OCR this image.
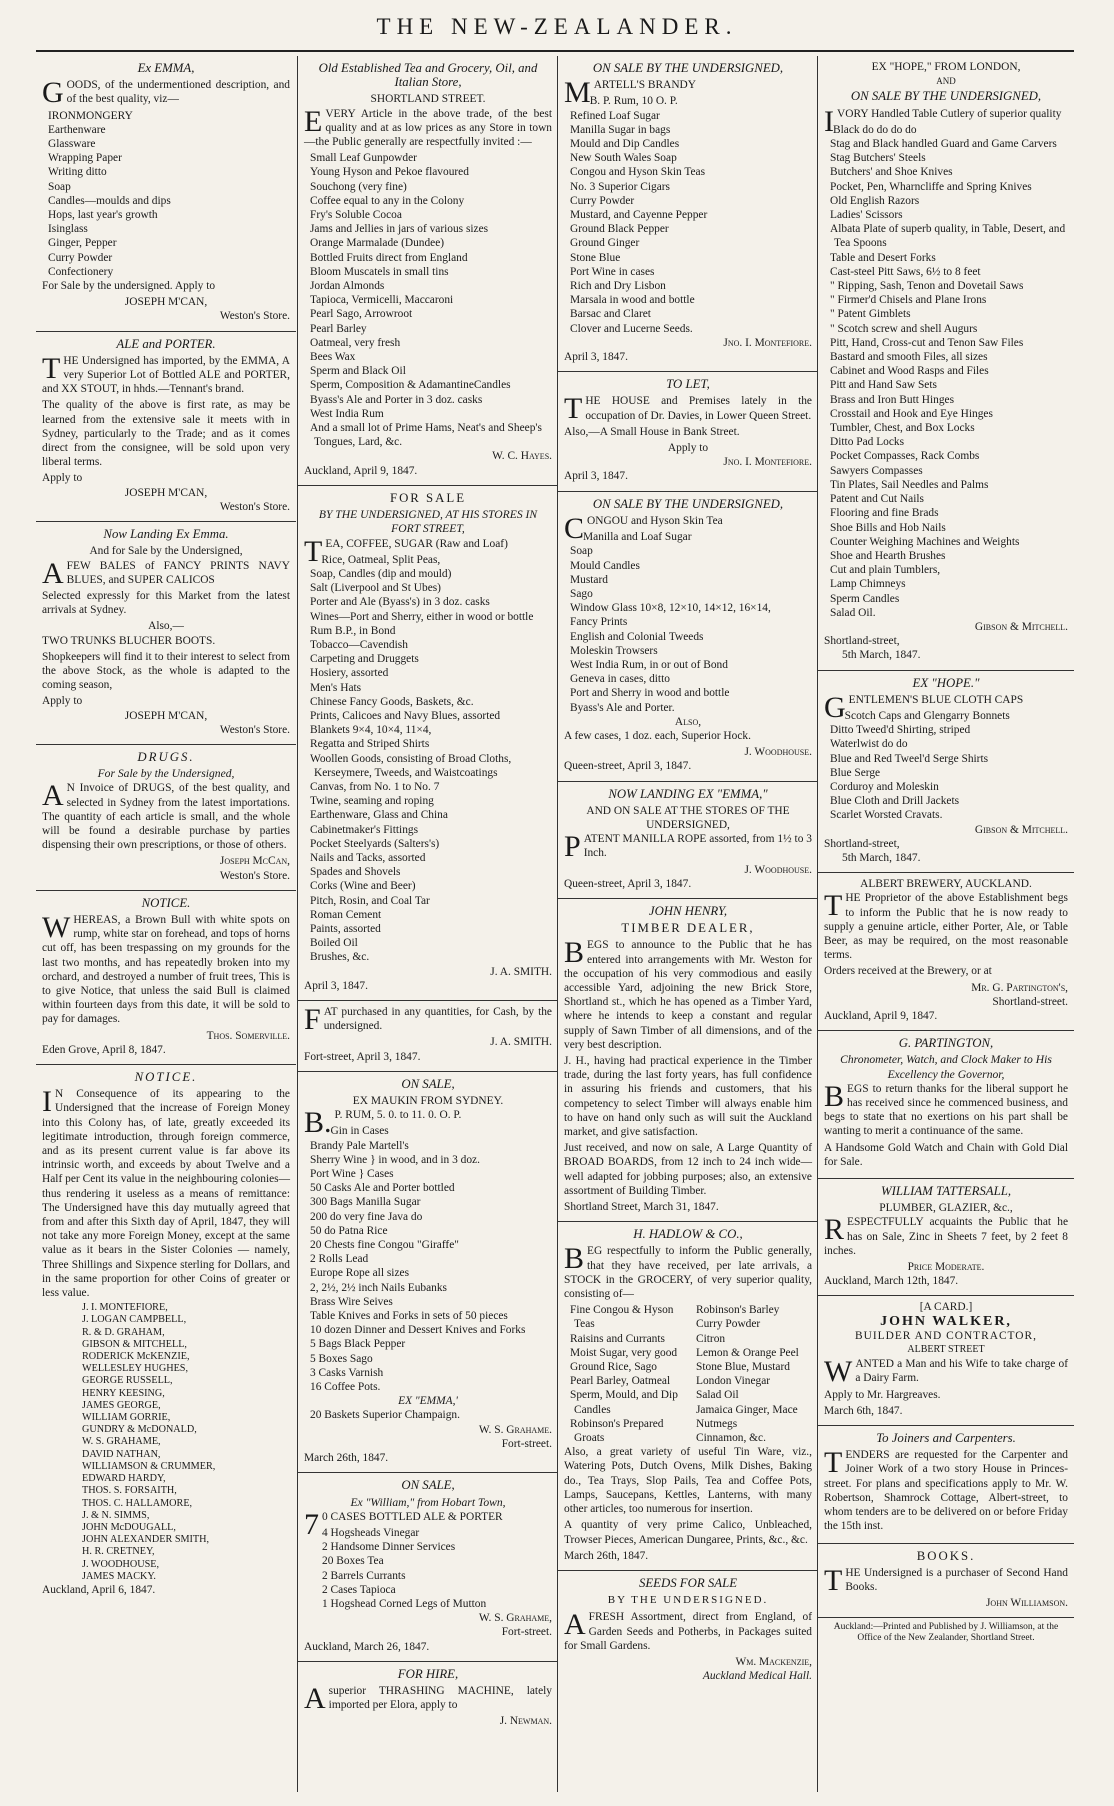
THE NEW-ZEALANDER.
Ex EMMA,
GOODS, of the undermentioned description, and of the best quality, viz—
IRONMONGERY
Earthenware
Glassware
Wrapping Paper
Writing ditto
Soap
Candles—moulds and dips
Hops, last year's growth
Isinglass
Ginger, Pepper
Curry Powder
Confectionery
For Sale by the undersigned. Apply to
JOSEPH M'CAN,
Weston's Store.
ALE and PORTER.
THE Undersigned has imported, by the EMMA, A very Superior Lot of Bottled ALE and PORTER, and XX STOUT, in hhds.—Tennant's brand.
The quality of the above is first rate, as may be learned from the extensive sale it meets with in Sydney, particularly to the Trade; and as it comes direct from the consignee, will be sold upon very liberal terms.
Apply to
JOSEPH M'CAN,
Weston's Store.
Now Landing Ex Emma.
And for Sale by the Undersigned,
AFEW BALES of FANCY PRINTS NAVY BLUES, and SUPER CALICOS
Selected expressly for this Market from the latest arrivals at Sydney.
Also,—
TWO TRUNKS BLUCHER BOOTS.
Shopkeepers will find it to their interest to select from the above Stock, as the whole is adapted to the coming season,
Apply to
JOSEPH M'CAN,
Weston's Store.
DRUGS.
For Sale by the Undersigned,
AN Invoice of DRUGS, of the best quality, and selected in Sydney from the latest importations. The quantity of each article is small, and the whole will be found a desirable purchase by parties dispensing their own prescriptions, or those of others.
Joseph McCan,
Weston's Store.
NOTICE.
WHEREAS, a Brown Bull with white spots on rump, white star on forehead, and tops of horns cut off, has been trespassing on my grounds for the last two months, and has repeatedly broken into my orchard, and destroyed a number of fruit trees, This is to give Notice, that unless the said Bull is claimed within fourteen days from this date, it will be sold to pay for damages.
Thos. Somerville.
Eden Grove, April 8, 1847.
NOTICE.
IN Consequence of its appearing to the Undersigned that the increase of Foreign Money into this Colony has, of late, greatly exceeded its legitimate introduction, through foreign commerce, and as its present current value is far above its intrinsic worth, and exceeds by about Twelve and a Half per Cent its value in the neighbouring colonies—thus rendering it useless as a means of remittance: The Undersigned have this day mutually agreed that from and after this Sixth day of April, 1847, they will not take any more Foreign Money, except at the same value as it bears in the Sister Colonies — namely, Three Shillings and Sixpence sterling for Dollars, and in the same proportion for other Coins of greater or less value.
J. I. MONTEFIORE,
J. LOGAN CAMPBELL,
R. & D. GRAHAM,
GIBSON & MITCHELL,
RODERICK McKENZIE,
WELLESLEY HUGHES,
GEORGE RUSSELL,
HENRY KEESING,
JAMES GEORGE,
WILLIAM GORRIE,
GUNDRY & McDONALD,
W. S. GRAHAME,
DAVID NATHAN,
WILLIAMSON & CRUMMER,
EDWARD HARDY,
THOS. S. FORSAITH,
THOS. C. HALLAMORE,
J. & N. SIMMS,
JOHN McDOUGALL,
JOHN ALEXANDER SMITH,
H. R. CRETNEY,
J. WOODHOUSE,
JAMES MACKY.
Auckland, April 6, 1847.
Old Established Tea and Grocery, Oil, and Italian Store,
SHORTLAND STREET.
EVERY Article in the above trade, of the best quality and at as low prices as any Store in town—the Public generally are respectfully invited :—
Small Leaf Gunpowder
Young Hyson and Pekoe flavoured
Souchong (very fine)
Coffee equal to any in the Colony
Fry's Soluble Cocoa
Jams and Jellies in jars of various sizes
Orange Marmalade (Dundee)
Bottled Fruits direct from England
Bloom Muscatels in small tins
Jordan Almonds
Tapioca, Vermicelli, Maccaroni
Pearl Sago, Arrowroot
Pearl Barley
Oatmeal, very fresh
Bees Wax
Sperm and Black Oil
Sperm, Composition & AdamantineCandles
Byass's Ale and Porter in 3 doz. casks
West India Rum
And a small lot of Prime Hams, Neat's and Sheep's Tongues, Lard, &c.
W. C. Hayes.
Auckland, April 9, 1847.
FOR SALE
BY THE UNDERSIGNED, AT HIS STORES IN FORT STREET,
TEA, COFFEE, SUGAR (Raw and Loaf)
Rice, Oatmeal, Split Peas,
Soap, Candles (dip and mould)
Salt (Liverpool and St Ubes)
Porter and Ale (Byass's) in 3 doz. casks
Wines—Port and Sherry, either in wood or bottle
Rum B.P., in Bond
Tobacco—Cavendish
Carpeting and Druggets
Hosiery, assorted
Men's Hats
Chinese Fancy Goods, Baskets, &c.
Prints, Calicoes and Navy Blues, assorted
Blankets 9×4, 10×4, 11×4,
Regatta and Striped Shirts
Woollen Goods, consisting of Broad Cloths, Kerseymere, Tweeds, and Waistcoatings
Canvas, from No. 1 to No. 7
Twine, seaming and roping
Earthenware, Glass and China
Cabinetmaker's Fittings
Pocket Steelyards (Salters's)
Nails and Tacks, assorted
Spades and Shovels
Corks (Wine and Beer)
Pitch, Rosin, and Coal Tar
Roman Cement
Paints, assorted
Boiled Oil
Brushes, &c.
J. A. SMITH.
April 3, 1847.
FAT purchased in any quantities, for Cash, by the undersigned.
J. A. SMITH.
Fort-street, April 3, 1847.
ON SALE,
EX MAUKIN FROM SYDNEY.
B.P. RUM, 5. 0. to 11. 0. O. P.
Gin in Cases
Brandy Pale Martell's
Sherry Wine } in wood, and in 3 doz.
Port Wine } Cases
50 Casks Ale and Porter bottled
300 Bags Manilla Sugar
200 do very fine Java do
50 do Patna Rice
20 Chests fine Congou "Giraffe"
2 Rolls Lead
Europe Rope all sizes
2, 2½, 2½ inch Nails Eubanks
Brass Wire Seives
Table Knives and Forks in sets of 50 pieces
10 dozen Dinner and Dessert Knives and Forks
5 Bags Black Pepper
5 Boxes Sago
3 Casks Varnish
16 Coffee Pots.
EX "EMMA,'
20 Baskets Superior Champaign.
W. S. Grahame.
Fort-street.
March 26th, 1847.
ON SALE,
Ex "William," from Hobart Town,
70 CASES BOTTLED ALE & PORTER
4 Hogsheads Vinegar
2 Handsome Dinner Services
20 Boxes Tea
2 Barrels Currants
2 Cases Tapioca
1 Hogshead Corned Legs of Mutton
W. S. Grahame,
Fort-street.
Auckland, March 26, 1847.
FOR HIRE,
Asuperior THRASHING MACHINE, lately imported per Elora, apply to
J. Newman.
ON SALE BY THE UNDERSIGNED,
MARTELL'S BRANDY
B. P. Rum, 10 O. P.
Refined Loaf Sugar
Manilla Sugar in bags
Mould and Dip Candles
New South Wales Soap
Congou and Hyson Skin Teas
No. 3 Superior Cigars
Curry Powder
Mustard, and Cayenne Pepper
Ground Black Pepper
Ground Ginger
Stone Blue
Port Wine in cases
Rich and Dry Lisbon
Marsala in wood and bottle
Barsac and Claret
Clover and Lucerne Seeds.
Jno. I. Montefiore.
April 3, 1847.
TO LET,
THE HOUSE and Premises lately in the occupation of Dr. Davies, in Lower Queen Street.
Also,—A Small House in Bank Street.
Apply to
Jno. I. Montefiore.
April 3, 1847.
ON SALE BY THE UNDERSIGNED,
CONGOU and Hyson Skin Tea
Manilla and Loaf Sugar
Soap
Mould Candles
Mustard
Sago
Window Glass 10×8, 12×10, 14×12, 16×14,
Fancy Prints
English and Colonial Tweeds
Moleskin Trowsers
West India Rum, in or out of Bond
Geneva in cases, ditto
Port and Sherry in wood and bottle
Byass's Ale and Porter.
Also,
A few cases, 1 doz. each, Superior Hock.
J. Woodhouse.
Queen-street, April 3, 1847.
NOW LANDING EX "EMMA,"
AND ON SALE AT THE STORES OF THE UNDERSIGNED,
PATENT MANILLA ROPE assorted, from 1½ to 3 Inch.
J. Woodhouse.
Queen-street, April 3, 1847.
JOHN HENRY,
TIMBER DEALER,
BEGS to announce to the Public that he has entered into arrangements with Mr. Weston for the occupation of his very commodious and easily accessible Yard, adjoining the new Brick Store, Shortland st., which he has opened as a Timber Yard, where he intends to keep a constant and regular supply of Sawn Timber of all dimensions, and of the very best description.
J. H., having had practical experience in the Timber trade, during the last forty years, has full confidence in assuring his friends and customers, that his competency to select Timber will always enable him to have on hand only such as will suit the Auckland market, and give satisfaction.
Just received, and now on sale, A Large Quantity of BROAD BOARDS, from 12 inch to 24 inch wide—well adapted for jobbing purposes; also, an extensive assortment of Building Timber.
Shortland Street, March 31, 1847.
H. HADLOW & CO.,
BEG respectfully to inform the Public generally, that they have received, per late arrivals, a STOCK in the GROCERY, of very superior quality, consisting of—
Fine Congou & Hyson Teas
Raisins and Currants
Moist Sugar, very good
Ground Rice, Sago
Pearl Barley, Oatmeal
Sperm, Mould, and Dip Candles
Robinson's Prepared Groats
Robinson's Barley
Curry Powder
Citron
Lemon & Orange Peel
Stone Blue, Mustard
London Vinegar
Salad Oil
Jamaica Ginger, Mace
Nutmegs
Cinnamon, &c.
Also, a great variety of useful Tin Ware, viz., Watering Pots, Dutch Ovens, Milk Dishes, Baking do., Tea Trays, Slop Pails, Tea and Coffee Pots, Lamps, Saucepans, Kettles, Lanterns, with many other articles, too numerous for insertion.
A quantity of very prime Calico, Unbleached, Trowser Pieces, American Dungaree, Prints, &c., &c.
March 26th, 1847.
SEEDS FOR SALE
BY THE UNDERSIGNED.
AFRESH Assortment, direct from England, of Garden Seeds and Potherbs, in Packages suited for Small Gardens.
Wm. Mackenzie,
Auckland Medical Hall.
EX "HOPE," FROM LONDON,
AND
ON SALE BY THE UNDERSIGNED,
IVORY Handled Table Cutlery of superior quality
Black do do do do
Stag and Black handled Guard and Game Carvers
Stag Butchers' Steels
Butchers' and Shoe Knives
Pocket, Pen, Wharncliffe and Spring Knives
Old English Razors
Ladies' Scissors
Albata Plate of superb quality, in Table, Desert, and Tea Spoons
Table and Desert Forks
Cast-steel Pitt Saws, 6½ to 8 feet
" Ripping, Sash, Tenon and Dovetail Saws
" Firmer'd Chisels and Plane Irons
" Patent Gimblets
" Scotch screw and shell Augurs
Pitt, Hand, Cross-cut and Tenon Saw Files
Bastard and smooth Files, all sizes
Cabinet and Wood Rasps and Files
Pitt and Hand Saw Sets
Brass and Iron Butt Hinges
Crosstail and Hook and Eye Hinges
Tumbler, Chest, and Box Locks
Ditto Pad Locks
Pocket Compasses, Rack Combs
Sawyers Compasses
Tin Plates, Sail Needles and Palms
Patent and Cut Nails
Flooring and fine Brads
Shoe Bills and Hob Nails
Counter Weighing Machines and Weights
Shoe and Hearth Brushes
Cut and plain Tumblers,
Lamp Chimneys
Sperm Candles
Salad Oil.
Gibson & Mitchell.
Shortland-street,
5th March, 1847.
EX "HOPE."
GENTLEMEN'S BLUE CLOTH CAPS
Scotch Caps and Glengarry Bonnets
Ditto Tweed'd Shirting, striped
Waterlwist do do
Blue and Red Tweel'd Serge Shirts
Blue Serge
Corduroy and Moleskin
Blue Cloth and Drill Jackets
Scarlet Worsted Cravats.
Gibson & Mitchell.
Shortland-street,
5th March, 1847.
ALBERT BREWERY, AUCKLAND.
THE Proprietor of the above Establishment begs to inform the Public that he is now ready to supply a genuine article, either Porter, Ale, or Table Beer, as may be required, on the most reasonable terms.
Orders received at the Brewery, or at
Mr. G. Partington's,
Shortland-street.
Auckland, April 9, 1847.
G. PARTINGTON,
Chronometer, Watch, and Clock Maker to His Excellency the Governor,
BEGS to return thanks for the liberal support he has received since he commenced business, and begs to state that no exertions on his part shall be wanting to merit a continuance of the same.
A Handsome Gold Watch and Chain with Gold Dial for Sale.
WILLIAM TATTERSALL,
PLUMBER, GLAZIER, &c.,
RESPECTFULLY acquaints the Public that he has on Sale, Zinc in Sheets 7 feet, by 2 feet 8 inches.
Price Moderate.
Auckland, March 12th, 1847.
[A CARD.]
JOHN WALKER,
BUILDER AND CONTRACTOR,
ALBERT STREET
WANTED a Man and his Wife to take charge of a Dairy Farm.
Apply to Mr. Hargreaves.
March 6th, 1847.
To Joiners and Carpenters.
TENDERS are requested for the Carpenter and Joiner Work of a two story House in Princes-street. For plans and specifications apply to Mr. W. Robertson, Shamrock Cottage, Albert-street, to whom tenders are to be delivered on or before Friday the 15th inst.
BOOKS.
THE Undersigned is a purchaser of Second Hand Books.
John Williamson.
Auckland:—Printed and Published by J. Williamson, at the Office of the New Zealander, Shortland Street.
